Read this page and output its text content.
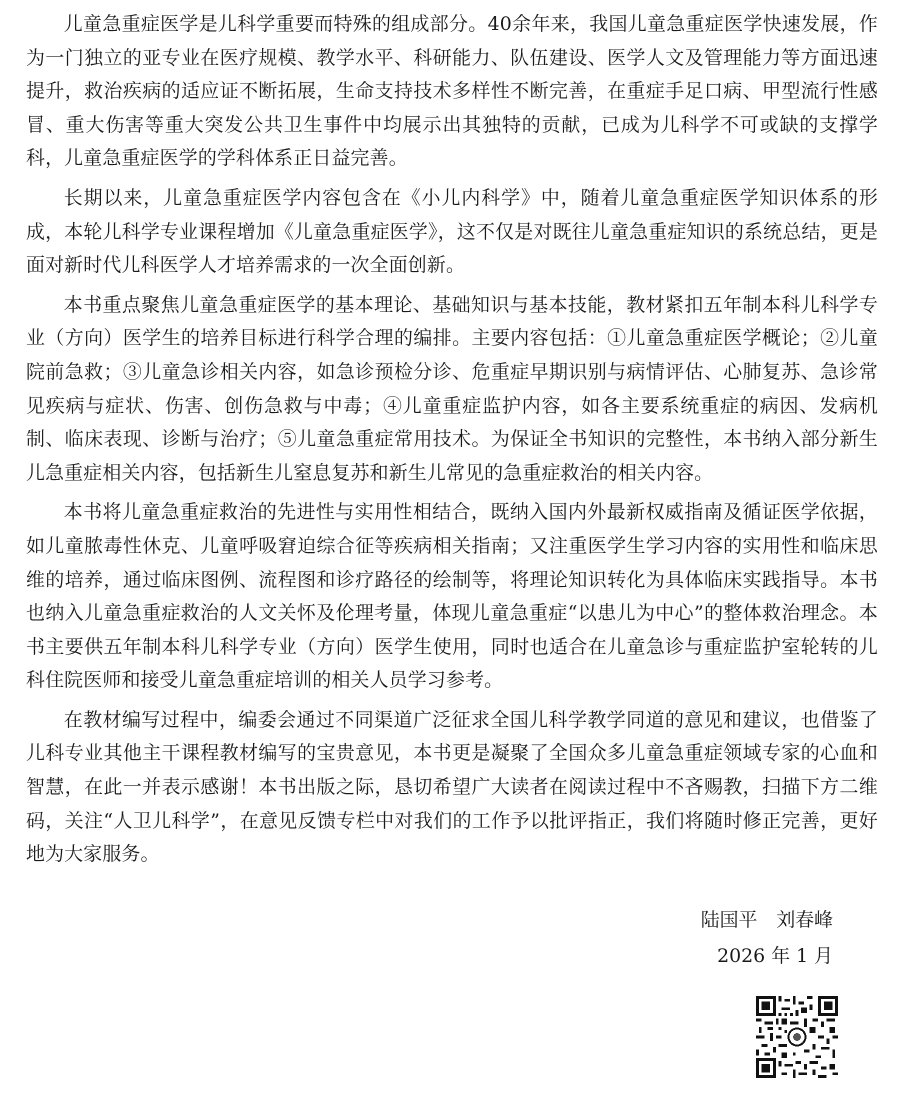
儿童急重症医学是儿科学重要而特殊的组成部分。40余年来，我国儿童急重症医学快速发展，作为一门独立的亚专业在医疗规模、教学水平、科研能力、队伍建设、医学人文及管理能力等方面迅速提升，救治疾病的适应证不断拓展，生命支持技术多样性不断完善，在重症手足口病、甲型流行性感冒、重大伤害等重大突发公共卫生事件中均展示出其独特的贡献，已成为儿科学不可或缺的支撑学科，儿童急重症医学的学科体系正日益完善。

长期以来，儿童急重症医学内容包含在《小儿内科学》中，随着儿童急重症医学知识体系的形成，本轮儿科学专业课程增加《儿童急重症医学》，这不仅是对既往儿童急重症知识的系统总结，更是面对新时代儿科医学人才培养需求的一次全面创新。

本书重点聚焦儿童急重症医学的基本理论、基础知识与基本技能，教材紧扣五年制本科儿科学专业（方向）医学生的培养目标进行科学合理的编排。主要内容包括：①儿童急重症医学概论；②儿童院前急救；③儿童急诊相关内容，如急诊预检分诊、危重症早期识别与病情评估、心肺复苏、急诊常见疾病与症状、伤害、创伤急救与中毒；④儿童重症监护内容，如各主要系统重症的病因、发病机制、临床表现、诊断与治疗；⑤儿童急重症常用技术。为保证全书知识的完整性，本书纳入部分新生儿急重症相关内容，包括新生儿窒息复苏和新生儿常见的急重症救治的相关内容。

本书将儿童急重症救治的先进性与实用性相结合，既纳入国内外最新权威指南及循证医学依据，如儿童脓毒性休克、儿童呼吸窘迫综合征等疾病相关指南；又注重医学生学习内容的实用性和临床思维的培养，通过临床图例、流程图和诊疗路径的绘制等，将理论知识转化为具体临床实践指导。本书也纳入儿童急重症救治的人文关怀及伦理考量，体现儿童急重症“以患儿为中心”的整体救治理念。本书主要供五年制本科儿科学专业（方向）医学生使用，同时也适合在儿童急诊与重症监护室轮转的儿科住院医师和接受儿童急重症培训的相关人员学习参考。

在教材编写过程中，编委会通过不同渠道广泛征求全国儿科学教学同道的意见和建议，也借鉴了儿科专业其他主干课程教材编写的宝贵意见，本书更是凝聚了全国众多儿童急重症领域专家的心血和智慧，在此一并表示感谢！本书出版之际，恳切希望广大读者在阅读过程中不吝赐教，扫描下方二维码，关注“人卫儿科学”，在意见反馈专栏中对我们的工作予以批评指正，我们将随时修正完善，更好地为大家服务。

陆国平　刘春峰
2026 年 1 月
